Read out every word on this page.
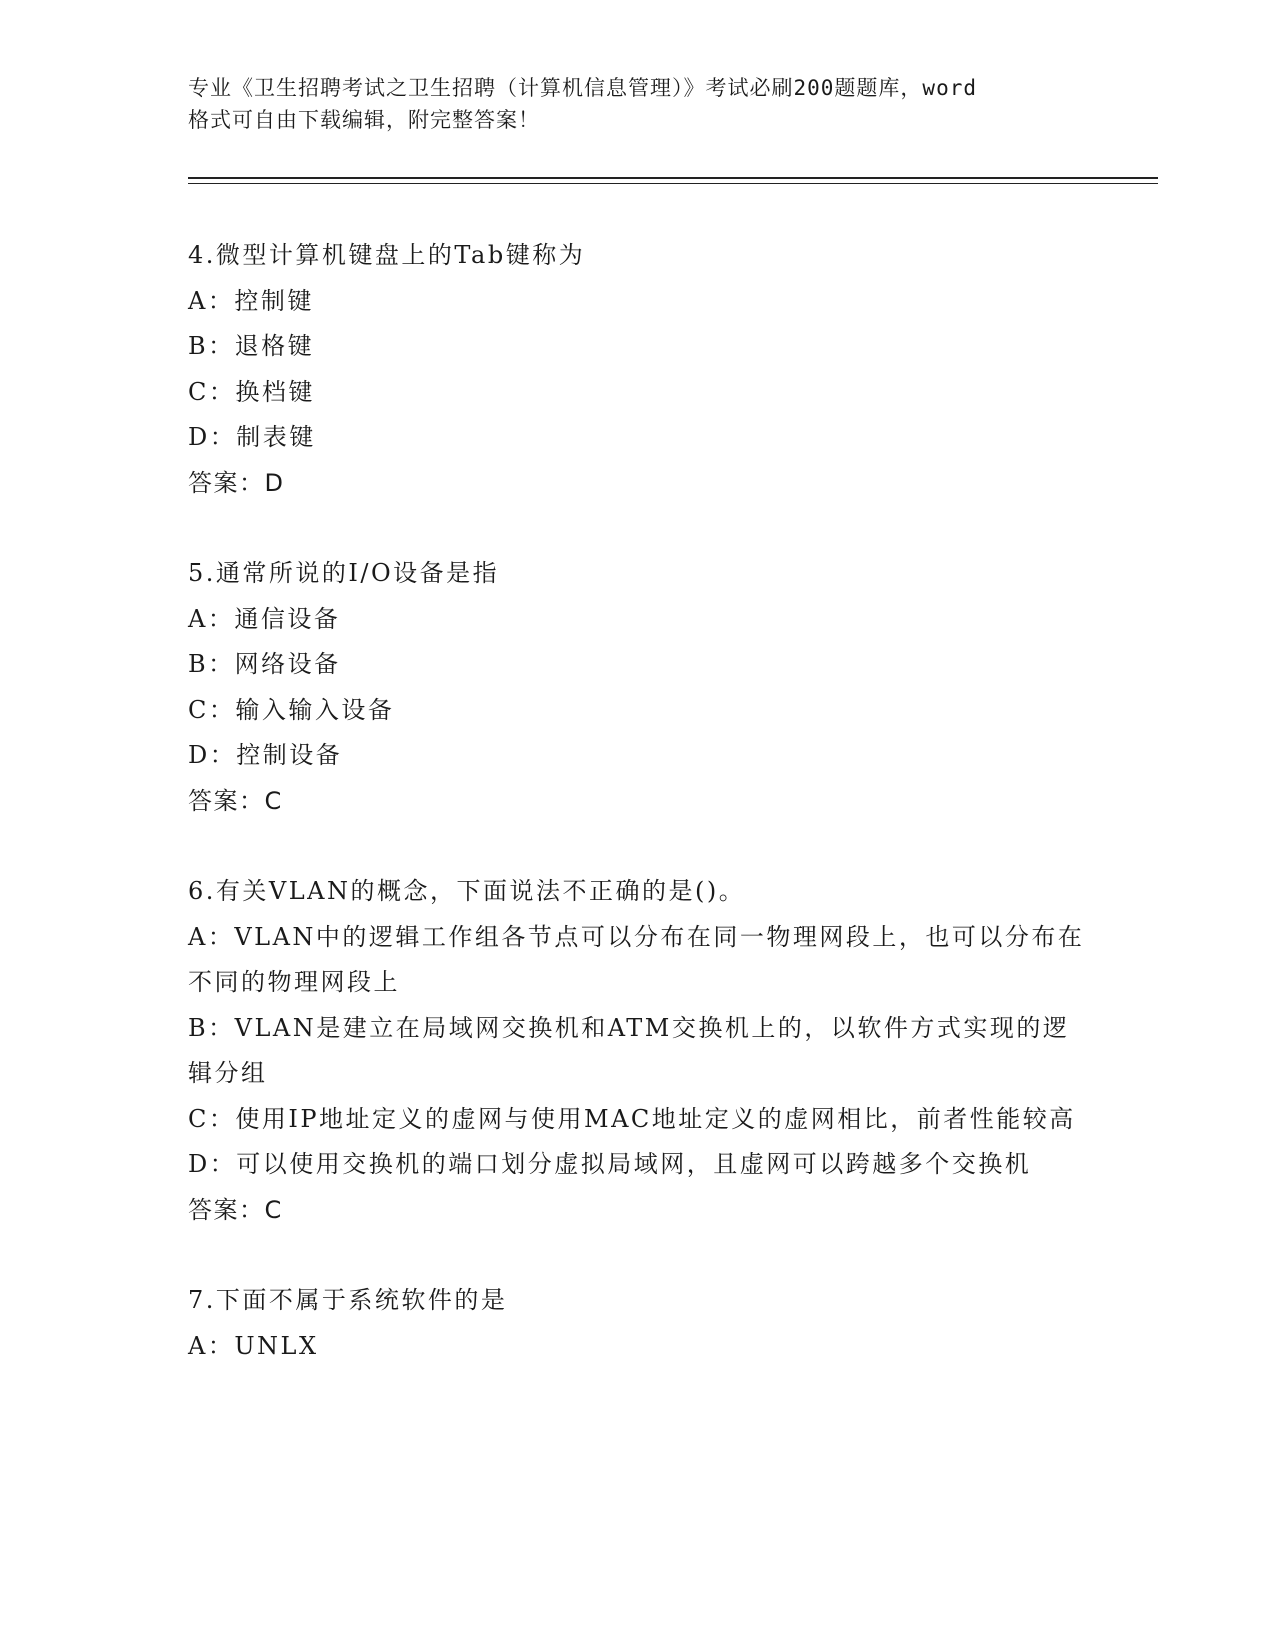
专业《卫生招聘考试之卫生招聘（计算机信息管理）》考试必刷200题题库，word
格式可自由下载编辑，附完整答案！

4.微型计算机键盘上的Tab键称为

A：控制键

B：退格键

C：换档键

D：制表键

答案：D

5.通常所说的I/O设备是指

A：通信设备

B：网络设备

C：输入输入设备

D：控制设备

答案：C

6.有关VLAN的概念，下面说法不正确的是()。

A：VLAN中的逻辑工作组各节点可以分布在同一物理网段上，也可以分布在不同的物理网段上

B：VLAN是建立在局域网交换机和ATM交换机上的，以软件方式实现的逻辑分组

C：使用IP地址定义的虚网与使用MAC地址定义的虚网相比，前者性能较高

D：可以使用交换机的端口划分虚拟局域网，且虚网可以跨越多个交换机

答案：C

7.下面不属于系统软件的是

A：UNLX
